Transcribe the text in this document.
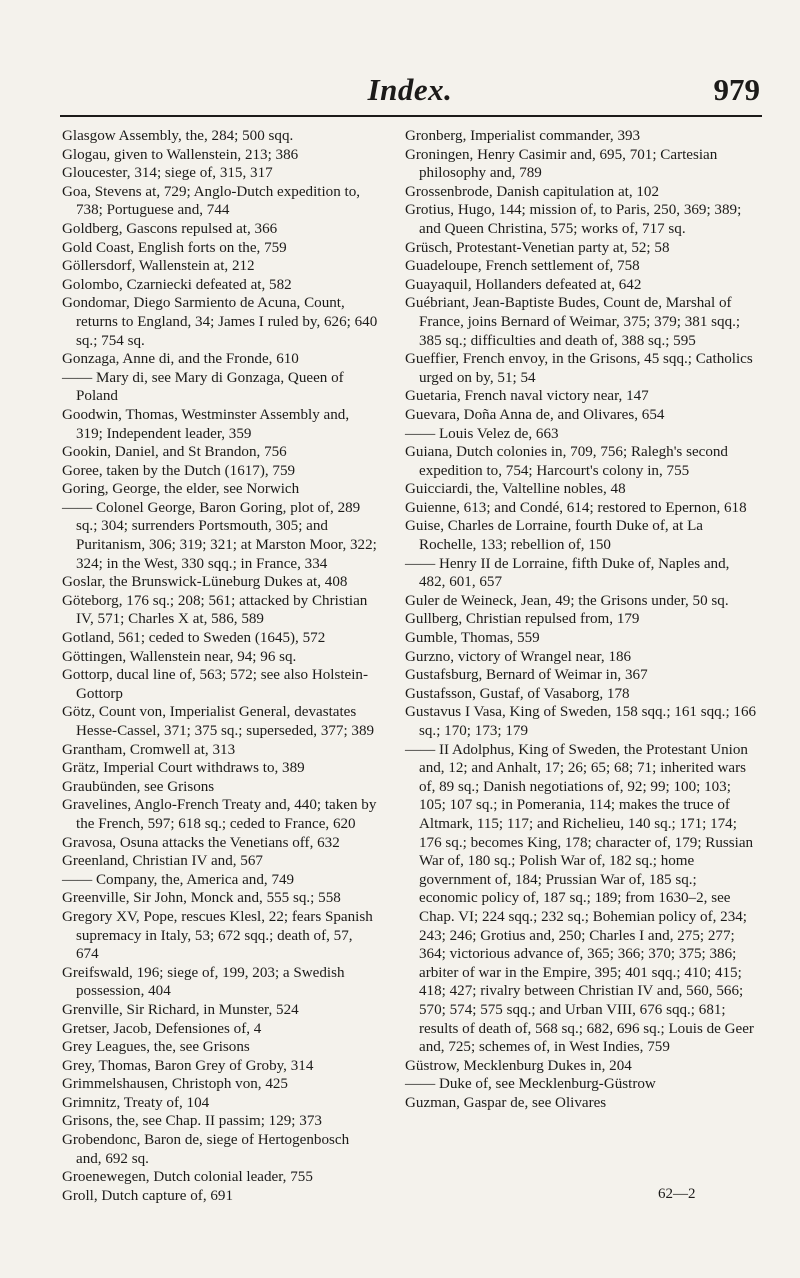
Index.	979
Glasgow Assembly, the, 284; 500 sqq.
Glogau, given to Wallenstein, 213; 386
Gloucester, 314; siege of, 315, 317
Goa, Stevens at, 729; Anglo-Dutch expedition to, 738; Portuguese and, 744
Goldberg, Gascons repulsed at, 366
Gold Coast, English forts on the, 759
Göllersdorf, Wallenstein at, 212
Golombo, Czarniecki defeated at, 582
Gondomar, Diego Sarmiento de Acuna, Count, returns to England, 34; James I ruled by, 626; 640 sq.; 754 sq.
Gonzaga, Anne di, and the Fronde, 610
—— Mary di, see Mary di Gonzaga, Queen of Poland
Goodwin, Thomas, Westminster Assembly and, 319; Independent leader, 359
Gookin, Daniel, and St Brandon, 756
Goree, taken by the Dutch (1617), 759
Goring, George, the elder, see Norwich
—— Colonel George, Baron Goring, plot of, 289 sq.; 304; surrenders Portsmouth, 305; and Puritanism, 306; 319; 321; at Marston Moor, 322; 324; in the West, 330 sqq.; in France, 334
Goslar, the Brunswick-Lüneburg Dukes at, 408
Göteborg, 176 sq.; 208; 561; attacked by Christian IV, 571; Charles X at, 586, 589
Gotland, 561; ceded to Sweden (1645), 572
Göttingen, Wallenstein near, 94; 96 sq.
Gottorp, ducal line of, 563; 572; see also Holstein-Gottorp
Götz, Count von, Imperialist General, devastates Hesse-Cassel, 371; 375 sq.; superseded, 377; 389
Grantham, Cromwell at, 313
Grätz, Imperial Court withdraws to, 389
Graubünden, see Grisons
Gravelines, Anglo-French Treaty and, 440; taken by the French, 597; 618 sq.; ceded to France, 620
Gravosa, Osuna attacks the Venetians off, 632
Greenland, Christian IV and, 567
—— Company, the, America and, 749
Greenville, Sir John, Monck and, 555 sq.; 558
Gregory XV, Pope, rescues Klesl, 22; fears Spanish supremacy in Italy, 53; 672 sqq.; death of, 57, 674
Greifswald, 196; siege of, 199, 203; a Swedish possession, 404
Grenville, Sir Richard, in Munster, 524
Gretser, Jacob, Defensiones of, 4
Grey Leagues, the, see Grisons
Grey, Thomas, Baron Grey of Groby, 314
Grimmelshausen, Christoph von, 425
Grimnitz, Treaty of, 104
Grisons, the, see Chap. II passim; 129; 373
Grobendonc, Baron de, siege of Hertogenbosch and, 692 sq.
Groenewegen, Dutch colonial leader, 755
Groll, Dutch capture of, 691
Gronberg, Imperialist commander, 393
Groningen, Henry Casimir and, 695, 701; Cartesian philosophy and, 789
Grossenbrode, Danish capitulation at, 102
Grotius, Hugo, 144; mission of, to Paris, 250, 369; 389; and Queen Christina, 575; works of, 717 sq.
Grüsch, Protestant-Venetian party at, 52; 58
Guadeloupe, French settlement of, 758
Guayaquil, Hollanders defeated at, 642
Guébriant, Jean-Baptiste Budes, Count de, Marshal of France, joins Bernard of Weimar, 375; 379; 381 sqq.; 385 sq.; difficulties and death of, 388 sq.; 595
Gueffier, French envoy, in the Grisons, 45 sqq.; Catholics urged on by, 51; 54
Guetaria, French naval victory near, 147
Guevara, Doña Anna de, and Olivares, 654
—— Louis Velez de, 663
Guiana, Dutch colonies in, 709, 756; Ralegh's second expedition to, 754; Harcourt's colony in, 755
Guicciardi, the, Valtelline nobles, 48
Guienne, 613; and Condé, 614; restored to Epernon, 618
Guise, Charles de Lorraine, fourth Duke of, at La Rochelle, 133; rebellion of, 150
—— Henry II de Lorraine, fifth Duke of, Naples and, 482, 601, 657
Guler de Weineck, Jean, 49; the Grisons under, 50 sq.
Gullberg, Christian repulsed from, 179
Gumble, Thomas, 559
Gurzno, victory of Wrangel near, 186
Gustafsburg, Bernard of Weimar in, 367
Gustafsson, Gustaf, of Vasaborg, 178
Gustavus I Vasa, King of Sweden, 158 sqq.; 161 sqq.; 166 sq.; 170; 173; 179
—— II Adolphus, King of Sweden, the Protestant Union and, 12; and Anhalt, 17; 26; 65; 68; 71; inherited wars of, 89 sq.; Danish negotiations of, 92; 99; 100; 103; 105; 107 sq.; in Pomerania, 114; makes the truce of Altmark, 115; 117; and Richelieu, 140 sq.; 171; 174; 176 sq.; becomes King, 178; character of, 179; Russian War of, 180 sq.; Polish War of, 182 sq.; home government of, 184; Prussian War of, 185 sq.; economic policy of, 187 sq.; 189; from 1630–2, see Chap. VI; 224 sqq.; 232 sq.; Bohemian policy of, 234; 243; 246; Grotius and, 250; Charles I and, 275; 277; 364; victorious advance of, 365; 366; 370; 375; 386; arbiter of war in the Empire, 395; 401 sqq.; 410; 415; 418; 427; rivalry between Christian IV and, 560, 566; 570; 574; 575 sqq.; and Urban VIII, 676 sqq.; 681; results of death of, 568 sq.; 682, 696 sq.; Louis de Geer and, 725; schemes of, in West Indies, 759
Güstrow, Mecklenburg Dukes in, 204
—— Duke of, see Mecklenburg-Güstrow
Guzman, Gaspar de, see Olivares
62—2
